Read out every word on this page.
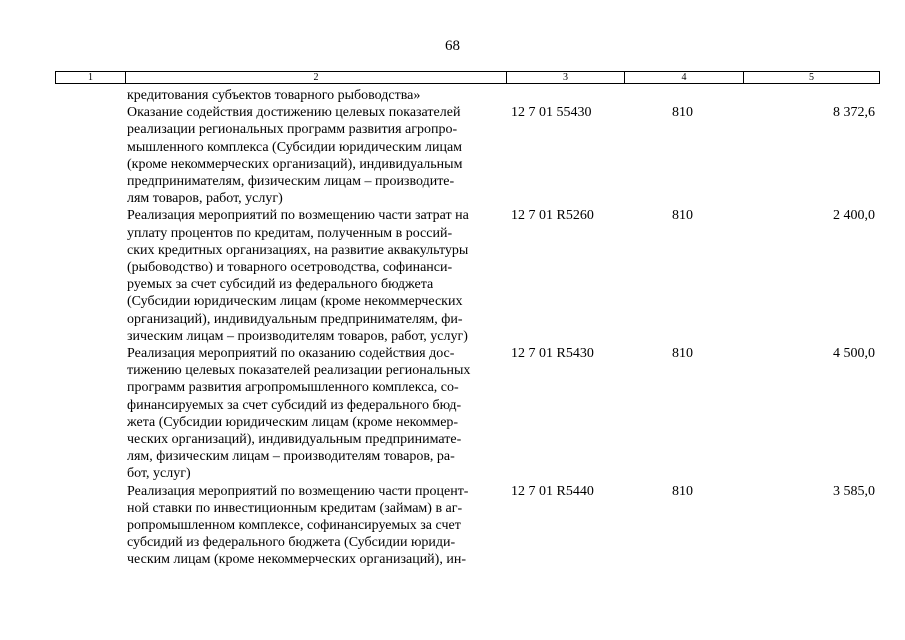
68
1	2	3	4	5
кредитования субъектов товарного рыбоводства»
Оказание содействия достижению целевых показателей
реализации региональных программ развития агропро-
мышленного комплекса (Субсидии юридическим лицам
(кроме некоммерческих организаций), индивидуальным
предпринимателям, физическим лицам – производите-
лям товаров, работ, услуг)
12 7 01 55430	810	8 372,6
Реализация мероприятий по возмещению части затрат на
уплату процентов по кредитам, полученным в россий-
ских кредитных организациях, на развитие аквакультуры
(рыбоводство) и товарного осетроводства, софинанси-
руемых за счет субсидий из федерального бюджета
(Субсидии юридическим лицам (кроме некоммерческих
организаций), индивидуальным предпринимателям, фи-
зическим лицам – производителям товаров, работ, услуг)
12 7 01 R5260	810	2 400,0
Реализация мероприятий по оказанию содействия дос-
тижению целевых показателей реализации региональных
программ развития агропромышленного комплекса, со-
финансируемых за счет субсидий из федерального бюд-
жета (Субсидии юридическим лицам (кроме некоммер-
ческих организаций), индивидуальным предпринимате-
лям, физическим лицам – производителям товаров, ра-
бот, услуг)
12 7 01 R5430	810	4 500,0
Реализация мероприятий по возмещению части процент-
ной ставки по инвестиционным кредитам (займам) в аг-
ропромышленном комплексе, софинансируемых за счет
субсидий из федерального бюджета (Субсидии юриди-
ческим лицам (кроме некоммерческих организаций), ин-
12 7 01 R5440	810	3 585,0
